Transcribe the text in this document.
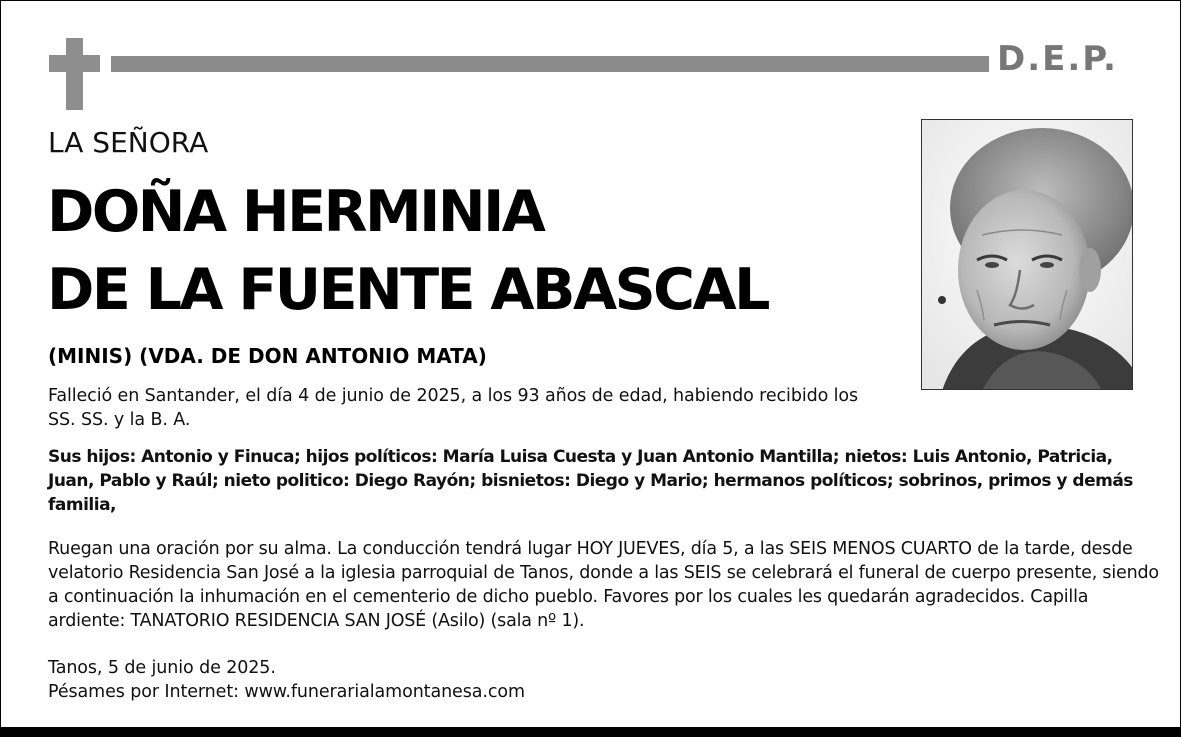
D.E.P.
LA SEÑORA
DOÑA HERMINIA
DE LA FUENTE ABASCAL
(MINIS) (VDA. DE DON ANTONIO MATA)
Falleció en Santander, el día 4 de junio de 2025, a los 93 años de edad, habiendo recibido los SS. SS. y la B. A.
Sus hijos: Antonio y Finuca; hijos políticos: María Luisa Cuesta y Juan Antonio Mantilla; nietos: Luis Antonio, Patricia, Juan, Pablo y Raúl; nieto politico: Diego Rayón; bisnietos: Diego y Mario; hermanos políticos; sobrinos, primos y demás familia,
Ruegan una oración por su alma. La conducción tendrá lugar HOY JUEVES, día 5, a las SEIS MENOS CUARTO de la tarde, desde velatorio Residencia San José a la iglesia parroquial de Tanos, donde a las SEIS se celebrará el funeral de cuerpo presente, siendo a continuación la inhumación en el cementerio de dicho pueblo. Favores por los cuales les quedarán agradecidos. Capilla ardiente: TANATORIO RESIDENCIA SAN JOSÉ (Asilo) (sala nº 1).
Tanos, 5 de junio de 2025.
Pésames por Internet: www.funerarialamontanesa.com
